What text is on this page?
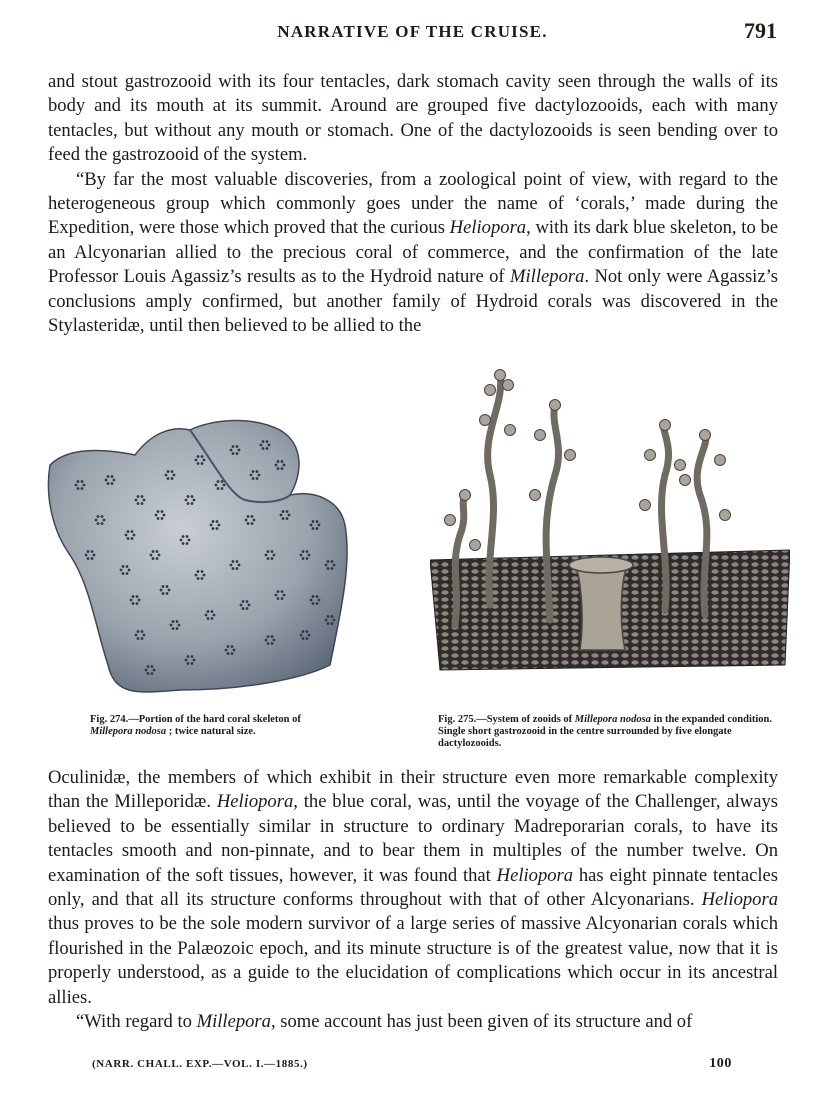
NARRATIVE OF THE CRUISE.	791

and stout gastrozooid with its four tentacles, dark stomach cavity seen through the walls of its body and its mouth at its summit. Around are grouped five dactylozooids, each with many tentacles, but without any mouth or stomach. One of the dactylozooids is seen bending over to feed the gastrozooid of the system.

“By far the most valuable discoveries, from a zoological point of view, with regard to the heterogeneous group which commonly goes under the name of ‘corals,’ made during the Expedition, were those which proved that the curious Heliopora, with its dark blue skeleton, to be an Alcyonarian allied to the precious coral of commerce, and the confirmation of the late Professor Louis Agassiz’s results as to the Hydroid nature of Millepora. Not only were Agassiz’s conclusions amply confirmed, but another family of Hydroid corals was discovered in the Stylasteridæ, until then believed to be allied to the

Fig. 274.—Portion of the hard coral skeleton of Millepora nodosa ; twice natural size.
Fig. 275.—System of zooids of Millepora nodosa in the expanded condition. Single short gastrozooid in the centre surrounded by five elongate dactylozooids.

Oculinidæ, the members of which exhibit in their structure even more remarkable complexity than the Milleporidæ. Heliopora, the blue coral, was, until the voyage of the Challenger, always believed to be essentially similar in structure to ordinary Madreporarian corals, to have its tentacles smooth and non-pinnate, and to bear them in multiples of the number twelve. On examination of the soft tissues, however, it was found that Heliopora has eight pinnate tentacles only, and that all its structure conforms throughout with that of other Alcyonarians. Heliopora thus proves to be the sole modern survivor of a large series of massive Alcyonarian corals which flourished in the Palæozoic epoch, and its minute structure is of the greatest value, now that it is properly understood, as a guide to the elucidation of complications which occur in its ancestral allies.

“With regard to Millepora, some account has just been given of its structure and of

(NARR. CHALL. EXP.—VOL. I.—1885.)	100
